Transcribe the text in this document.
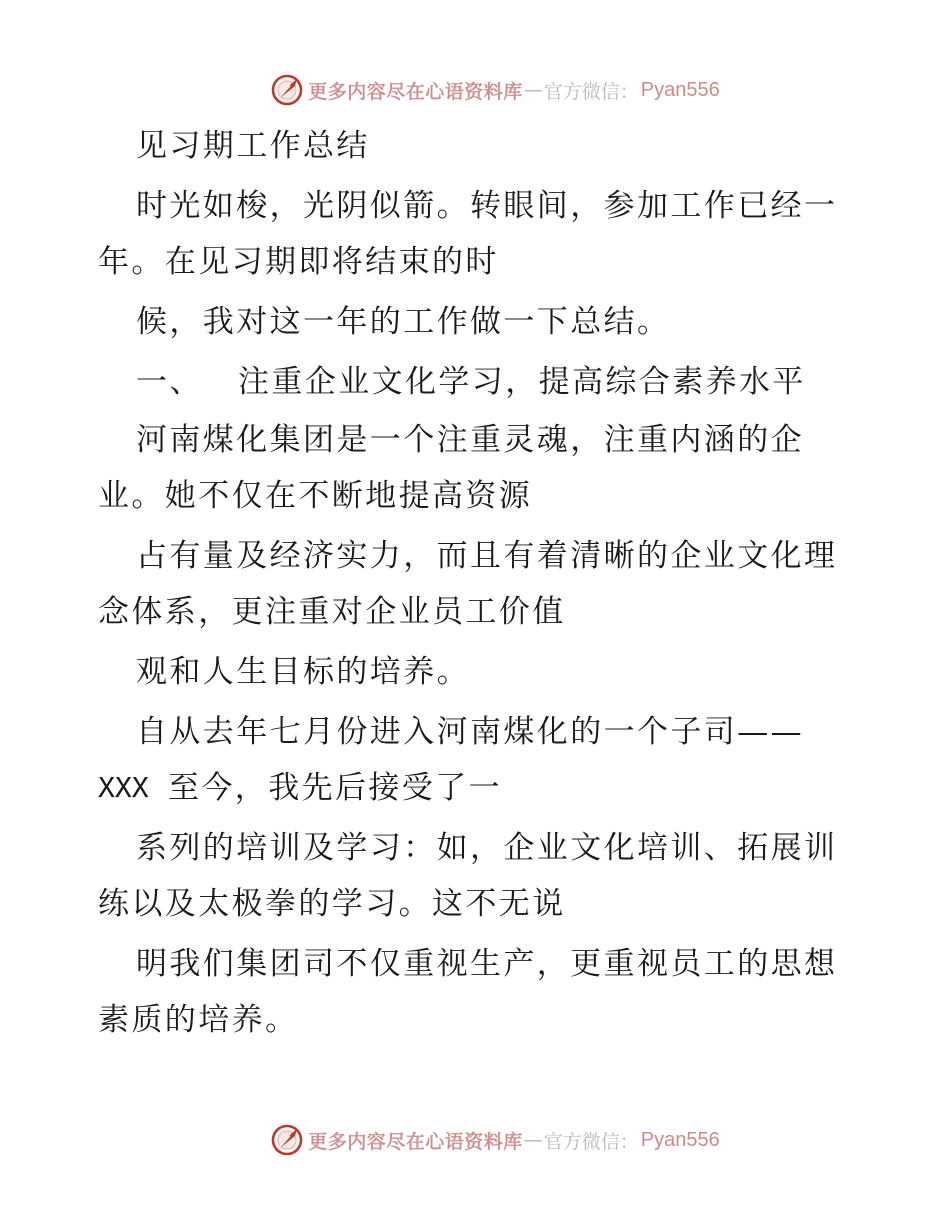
更多内容尽在心语资料库 — 官方微信： Pyan556
见习期工作总结
时光如梭，光阴似箭。转眼间，参加工作已经一
年。在见习期即将结束的时
候，我对这一年的工作做一下总结。
一、 注重企业文化学习，提高综合素养水平
河南煤化集团是一个注重灵魂，注重内涵的企
业。她不仅在不断地提高资源
占有量及经济实力，而且有着清晰的企业文化理
念体系，更注重对企业员工价值
观和人生目标的培养。
自从去年七月份进入河南煤化的一个子司——
XXX 至今，我先后接受了一
系列的培训及学习：如，企业文化培训、拓展训
练以及太极拳的学习。这不无说
明我们集团司不仅重视生产，更重视员工的思想
素质的培养。
更多内容尽在心语资料库 — 官方微信： Pyan556
